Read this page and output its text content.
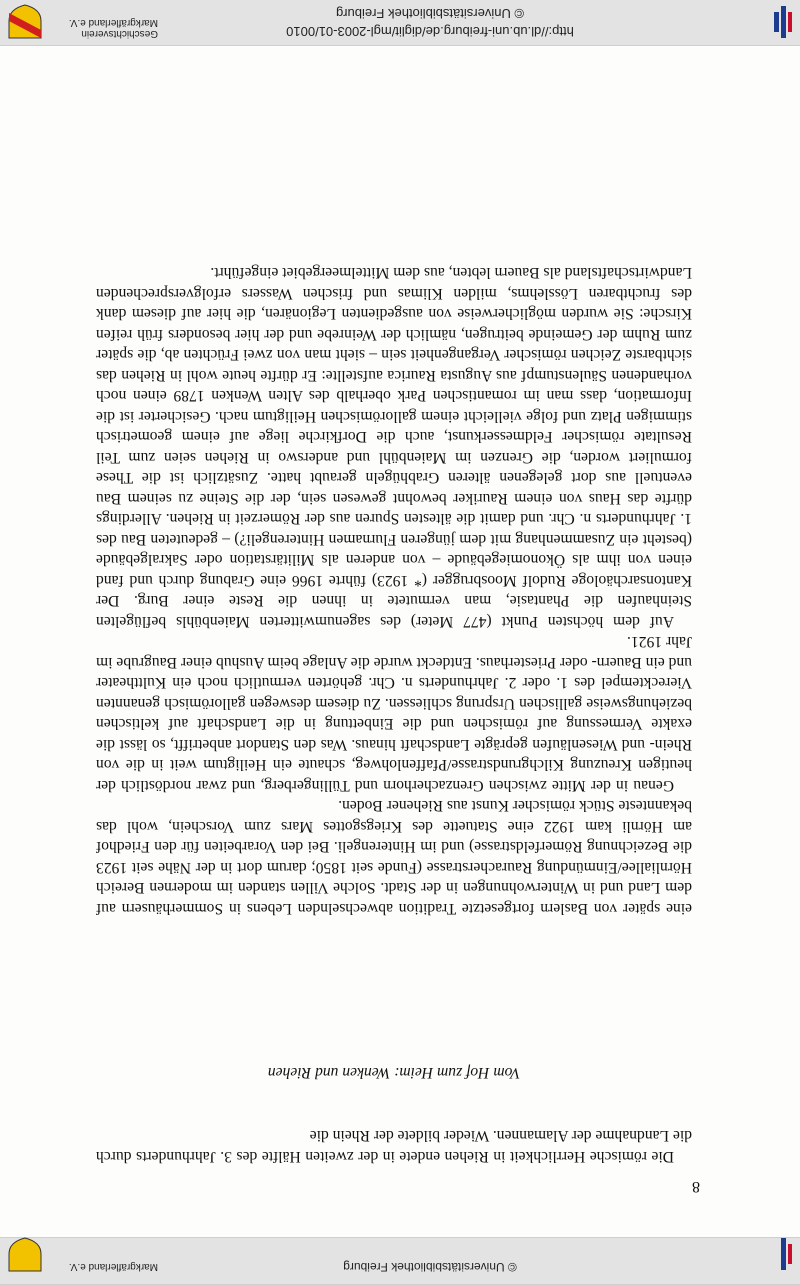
http://dl.ub.uni-freiburg.de/diglit/mgl-2003-01/0010
© Universitätsbibliothek Freiburg
Geschichtsverein
Markgräflerland e.V.
© Universitätsbibliothek Freiburg
Markgräflerland e.V.
8

Die römische Herrlichkeit in Riehen endete in der zweiten Hälfte des 3. Jahrhunderts durch die Landnahme der Alamannen. Wieder bildete der Rhein die

Vom Hof zum Heim: Wenken und Riehen

eine später von Baslern fortgesetzte Tradition abwechselnden Lebens in Sommerhäusern auf dem Land und in Winterwohnungen in der Stadt. Solche Villen standen im modernen Bereich Hörnliallee/Einmündung Rauracherstrasse (Funde seit 1850; darum dort in der Nähe seit 1923 die Bezeichnung Römerfeldstrasse) und im Hinterengeli. Bei den Vorarbeiten für den Friedhof am Hörnli kam 1922 eine Statuette des Kriegsgottes Mars zum Vorschein, wohl das bekannteste Stück römischer Kunst aus Riehener Boden.

Genau in der Mitte zwischen Grenzacherhorn und Tüllingerberg, und zwar nordöstlich der heutigen Kreuzung Kilchgrundstrasse/Pfaffenlohweg, schaute ein Heiligtum weit in die von Rhein- und Wiesenläufen geprägte Landschaft hinaus. Was den Standort anbetrifft, so lässt die exakte Vermessung auf römischen und die Einbettung in die Landschaft auf keltischen beziehungsweise gallischen Ursprung schliessen. Zu diesem deswegen gallorömisch genannten Vierecktempel des 1. oder 2. Jahrhunderts n. Chr. gehörten vermutlich noch ein Kulttheater und ein Bauern- oder Priesterhaus. Entdeckt wurde die Anlage beim Aushub einer Baugrube im Jahr 1921.

Auf dem höchsten Punkt (477 Meter) des sagenumwitterten Maienbühls beflügelten Steinhaufen die Phantasie, man vermutete in ihnen die Reste einer Burg. Der Kantonsarchäologe Rudolf Moosbrugger (* 1923) führte 1966 eine Grabung durch und fand einen von ihm als Ökonomiegebäude – von anderen als Militärstation oder Sakralgebäude (besteht ein Zusammenhang mit dem jüngeren Flurnamen Hinterengeli?) – gedeuteten Bau des 1. Jahrhunderts n. Chr. und damit die ältesten Spuren aus der Römerzeit in Riehen. Allerdings dürfte das Haus von einem Rauriker bewohnt gewesen sein, der die Steine zu seinem Bau eventuell aus dort gelegenen älteren Grabhügeln geraubt hatte. Zusätzlich ist die These formuliert worden, die Grenzen im Maienbühl und anderswo in Riehen seien zum Teil Resultate römischer Feldmesserkunst, auch die Dorfkirche liege auf einem geometrisch stimmigen Platz und folge vielleicht einem gallorömischen Heiligtum nach. Gesicherter ist die Information, dass man im romantischen Park oberhalb des Alten Wenken 1789 einen noch vorhandenen Säulenstumpf aus Augusta Raurica aufstellte: Er dürfte heute wohl in Riehen das sichtbarste Zeichen römischer Vergangenheit sein – sieht man von zwei Früchten ab, die später zum Ruhm der Gemeinde beitrugen, nämlich der Weinrebe und der hier besonders früh reifen Kirsche: Sie wurden möglicherweise von ausgedienten Legionären, die hier auf diesem dank des fruchtbaren Lösslehms, milden Klimas und frischen Wassers erfolgversprechenden Landwirtschaftsland als Bauern lebten, aus dem Mittelmeergebiet eingeführt.
